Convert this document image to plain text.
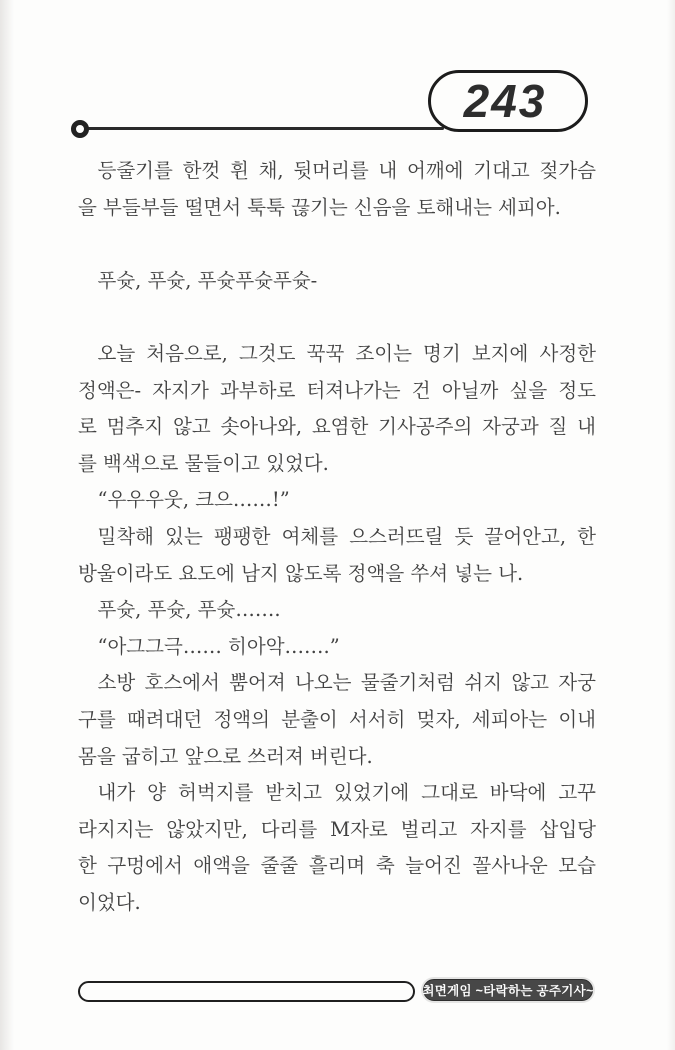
243
등줄기를 한껏 휜 채, 뒷머리를 내 어깨에 기대고 젖가슴
을 부들부들 떨면서 툭툭 끊기는 신음을 토해내는 세피아.
푸슛, 푸슛, 푸슛푸슛푸슛-
오늘 처음으로, 그것도 꾹꾹 조이는 명기 보지에 사정한
정액은- 자지가 과부하로 터져나가는 건 아닐까 싶을 정도
로 멈추지 않고 솟아나와, 요염한 기사공주의 자궁과 질 내
를 백색으로 물들이고 있었다.
“우우우웃, 크으……!”
밀착해 있는 팽팽한 여체를 으스러뜨릴 듯 끌어안고, 한
방울이라도 요도에 남지 않도록 정액을 쑤셔 넣는 나.
푸슛, 푸슛, 푸슛…….
“아그그극…… 히아악…….”
소방 호스에서 뿜어져 나오는 물줄기처럼 쉬지 않고 자궁
구를 때려대던 정액의 분출이 서서히 멎자, 세피아는 이내
몸을 굽히고 앞으로 쓰러져 버린다.
내가 양 허벅지를 받치고 있었기에 그대로 바닥에 고꾸
라지지는 않았지만, 다리를 M자로 벌리고 자지를 삽입당
한 구멍에서 애액을 줄줄 흘리며 축 늘어진 꼴사나운 모습
이었다.
최면게임 ~타락하는 공주기사~
